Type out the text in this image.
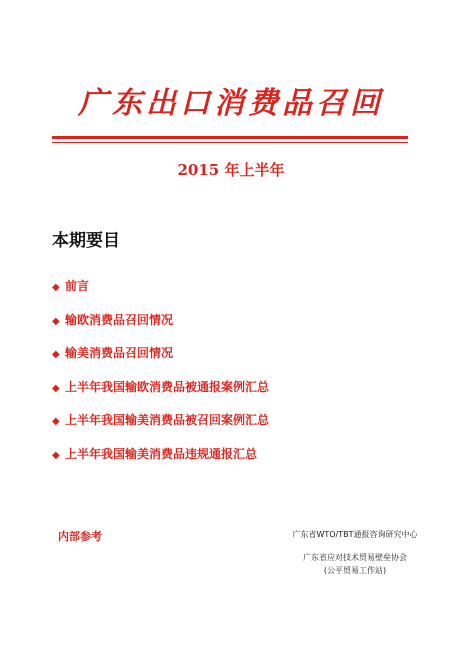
广东出口消费品召回
2015 年上半年
本期要目
◆ 前言
◆ 输欧消费品召回情况
◆ 输美消费品召回情况
◆ 上半年我国输欧消费品被通报案例汇总
◆ 上半年我国输美消费品被召回案例汇总
◆ 上半年我国输美消费品违规通报汇总
内部参考	广东省WTO/TBT通报咨询研究中心
广东省应对技术贸易壁垒协会
(公平贸易工作站)
